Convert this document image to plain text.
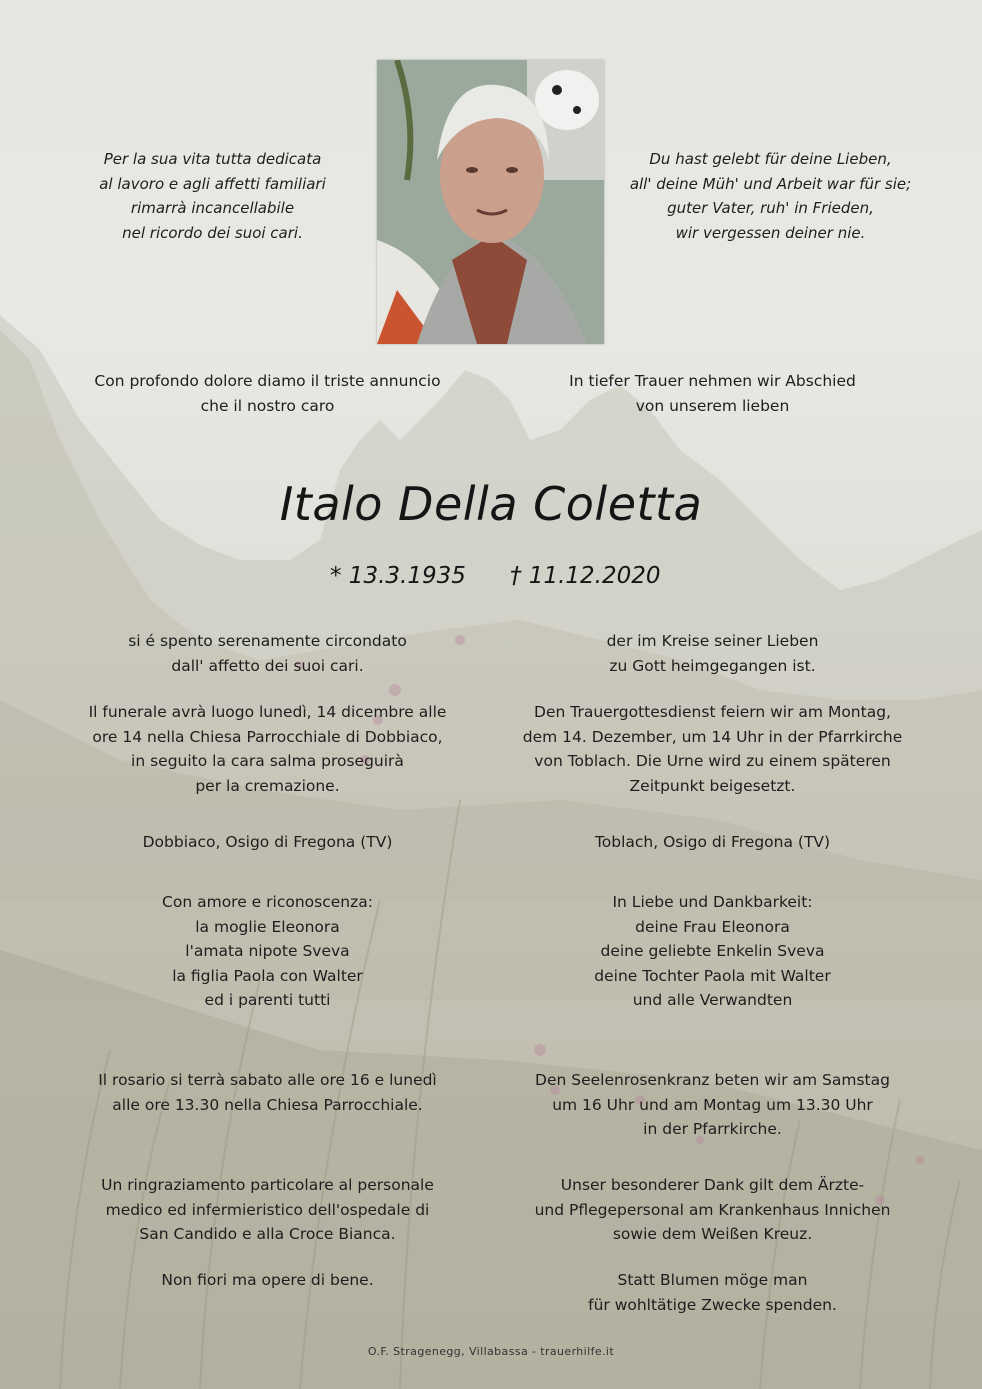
Per la sua vita tutta dedicata

al lavoro e agli affetti familiari

rimarrà incancellabile

nel ricordo dei suoi cari.

Du hast gelebt für deine Lieben,

all' deine Müh' und Arbeit war für sie;

guter Vater, ruh' in Frieden,

wir vergessen deiner nie.

Con profondo dolore diamo il triste annuncio

che il nostro caro

In tiefer Trauer nehmen wir Abschied

von unserem lieben

Italo Della Coletta
* 13.3.1935 † 11.12.2020

si é spento serenamente circondato

dall' affetto dei suoi cari.

der im Kreise seiner Lieben

zu Gott heimgegangen ist.

Il funerale avrà luogo lunedì, 14 dicembre alle

ore 14 nella Chiesa Parrocchiale di Dobbiaco,

in seguito la cara salma proseguirà

per la cremazione.

Den Trauergottesdienst feiern wir am Montag,

dem 14. Dezember, um 14 Uhr in der Pfarrkirche

von Toblach. Die Urne wird zu einem späteren

Zeitpunkt beigesetzt.

Dobbiaco, Osigo di Fregona (TV)	Toblach, Osigo di Fregona (TV)

Con amore e riconoscenza:

la moglie Eleonora

l'amata nipote Sveva

la figlia Paola con Walter

ed i parenti tutti

In Liebe und Dankbarkeit:

deine Frau Eleonora

deine geliebte Enkelin Sveva

deine Tochter Paola mit Walter

und alle Verwandten

Il rosario si terrà sabato alle ore 16 e lunedì

alle ore 13.30 nella Chiesa Parrocchiale.

Den Seelenrosenkranz beten wir am Samstag

um 16 Uhr und am Montag um 13.30 Uhr

in der Pfarrkirche.

Un ringraziamento particolare al personale

medico ed infermieristico dell'ospedale di

San Candido e alla Croce Bianca.

Unser besonderer Dank gilt dem Ärzte-

und Pflegepersonal am Krankenhaus Innichen

sowie dem Weißen Kreuz.

Non fiori ma opere di bene.	Statt Blumen möge man

für wohltätige Zwecke spenden.

O.F. Stragenegg, Villabassa - trauerhilfe.it
